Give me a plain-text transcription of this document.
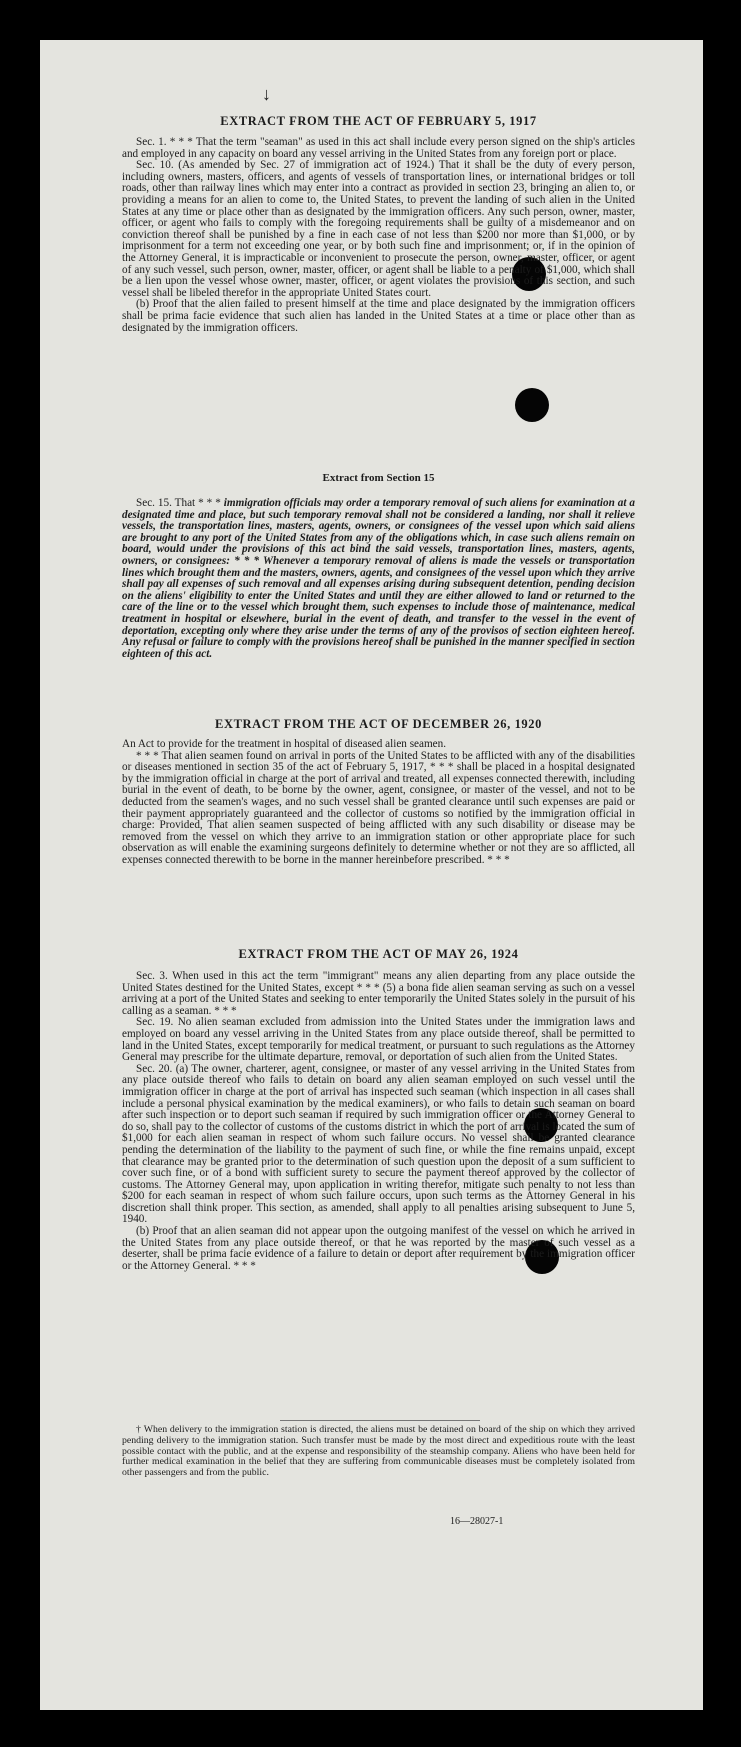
↓
EXTRACT FROM THE ACT OF FEBRUARY 5, 1917

Sec. 1. * * * That the term "seaman" as used in this act shall include every person signed on the ship's articles and employed in any capacity on board any vessel arriving in the United States from any foreign port or place.

Sec. 10. (As amended by Sec. 27 of immigration act of 1924.) That it shall be the duty of every person, including owners, masters, officers, and agents of vessels of transportation lines, or international bridges or toll roads, other than railway lines which may enter into a contract as provided in section 23, bringing an alien to, or providing a means for an alien to come to, the United States, to prevent the landing of such alien in the United States at any time or place other than as designated by the immigration officers. Any such person, owner, master, officer, or agent who fails to comply with the foregoing requirements shall be guilty of a misdemeanor and on conviction thereof shall be punished by a fine in each case of not less than $200 nor more than $1,000, or by imprisonment for a term not exceeding one year, or by both such fine and imprisonment; or, if in the opinion of the Attorney General, it is impracticable or inconvenient to prosecute the person, owner, master, officer, or agent of any such vessel, such person, owner, master, officer, or agent shall be liable to a penalty of $1,000, which shall be a lien upon the vessel whose owner, master, officer, or agent violates the provisions of this section, and such vessel shall be libeled therefor in the appropriate United States court.

(b) Proof that the alien failed to present himself at the time and place designated by the immigration officers shall be prima facie evidence that such alien has landed in the United States at a time or place other than as designated by the immigration officers.

Extract from Section 15

Sec. 15. That * * * immigration officials may order a temporary removal of such aliens for examination at a designated time and place, but such temporary removal shall not be considered a landing, nor shall it relieve vessels, the transportation lines, masters, agents, owners, or consignees of the vessel upon which said aliens are brought to any port of the United States from any of the obligations which, in case such aliens remain on board, would under the provisions of this act bind the said vessels, transportation lines, masters, agents, owners, or consignees: * * * Whenever a temporary removal of aliens is made the vessels or transportation lines which brought them and the masters, owners, agents, and consignees of the vessel upon which they arrive shall pay all expenses of such removal and all expenses arising during subsequent detention, pending decision on the aliens' eligibility to enter the United States and until they are either allowed to land or returned to the care of the line or to the vessel which brought them, such expenses to include those of maintenance, medical treatment in hospital or elsewhere, burial in the event of death, and transfer to the vessel in the event of deportation, excepting only where they arise under the terms of any of the provisos of section eighteen hereof. Any refusal or failure to comply with the provisions hereof shall be punished in the manner specified in section eighteen of this act.

EXTRACT FROM THE ACT OF DECEMBER 26, 1920

An Act to provide for the treatment in hospital of diseased alien seamen.

* * * That alien seamen found on arrival in ports of the United States to be afflicted with any of the disabilities or diseases mentioned in section 35 of the act of February 5, 1917, * * * shall be placed in a hospital designated by the immigration official in charge at the port of arrival and treated, all expenses connected therewith, including burial in the event of death, to be borne by the owner, agent, consignee, or master of the vessel, and not to be deducted from the seamen's wages, and no such vessel shall be granted clearance until such expenses are paid or their payment appropriately guaranteed and the collector of customs so notified by the immigration official in charge: Provided, That alien seamen suspected of being afflicted with any such disability or disease may be removed from the vessel on which they arrive to an immigration station or other appropriate place for such observation as will enable the examining surgeons definitely to determine whether or not they are so afflicted, all expenses connected therewith to be borne in the manner hereinbefore prescribed. * * *

EXTRACT FROM THE ACT OF MAY 26, 1924

Sec. 3. When used in this act the term "immigrant" means any alien departing from any place outside the United States destined for the United States, except * * * (5) a bona fide alien seaman serving as such on a vessel arriving at a port of the United States and seeking to enter temporarily the United States solely in the pursuit of his calling as a seaman. * * *

Sec. 19. No alien seaman excluded from admission into the United States under the immigration laws and employed on board any vessel arriving in the United States from any place outside thereof, shall be permitted to land in the United States, except temporarily for medical treatment, or pursuant to such regulations as the Attorney General may prescribe for the ultimate departure, removal, or deportation of such alien from the United States.

Sec. 20. (a) The owner, charterer, agent, consignee, or master of any vessel arriving in the United States from any place outside thereof who fails to detain on board any alien seaman employed on such vessel until the immigration officer in charge at the port of arrival has inspected such seaman (which inspection in all cases shall include a personal physical examination by the medical examiners), or who fails to detain such seaman on board after such inspection or to deport such seaman if required by such immigration officer or the Attorney General to do so, shall pay to the collector of customs of the customs district in which the port of arrival is located the sum of $1,000 for each alien seaman in respect of whom such failure occurs. No vessel shall be granted clearance pending the determination of the liability to the payment of such fine, or while the fine remains unpaid, except that clearance may be granted prior to the determination of such question upon the deposit of a sum sufficient to cover such fine, or of a bond with sufficient surety to secure the payment thereof approved by the collector of customs. The Attorney General may, upon application in writing therefor, mitigate such penalty to not less than $200 for each seaman in respect of whom such failure occurs, upon such terms as the Attorney General in his discretion shall think proper. This section, as amended, shall apply to all penalties arising subsequent to June 5, 1940.

(b) Proof that an alien seaman did not appear upon the outgoing manifest of the vessel on which he arrived in the United States from any place outside thereof, or that he was reported by the master of such vessel as a deserter, shall be prima facie evidence of a failure to detain or deport after requirement by the immigration officer or the Attorney General. * * *

† When delivery to the immigration station is directed, the aliens must be detained on board of the ship on which they arrived pending delivery to the immigration station. Such transfer must be made by the most direct and expeditious route with the least possible contact with the public, and at the expense and responsibility of the steamship company. Aliens who have been held for further medical examination in the belief that they are suffering from communicable diseases must be completely isolated from other passengers and from the public.

16—28027-1
